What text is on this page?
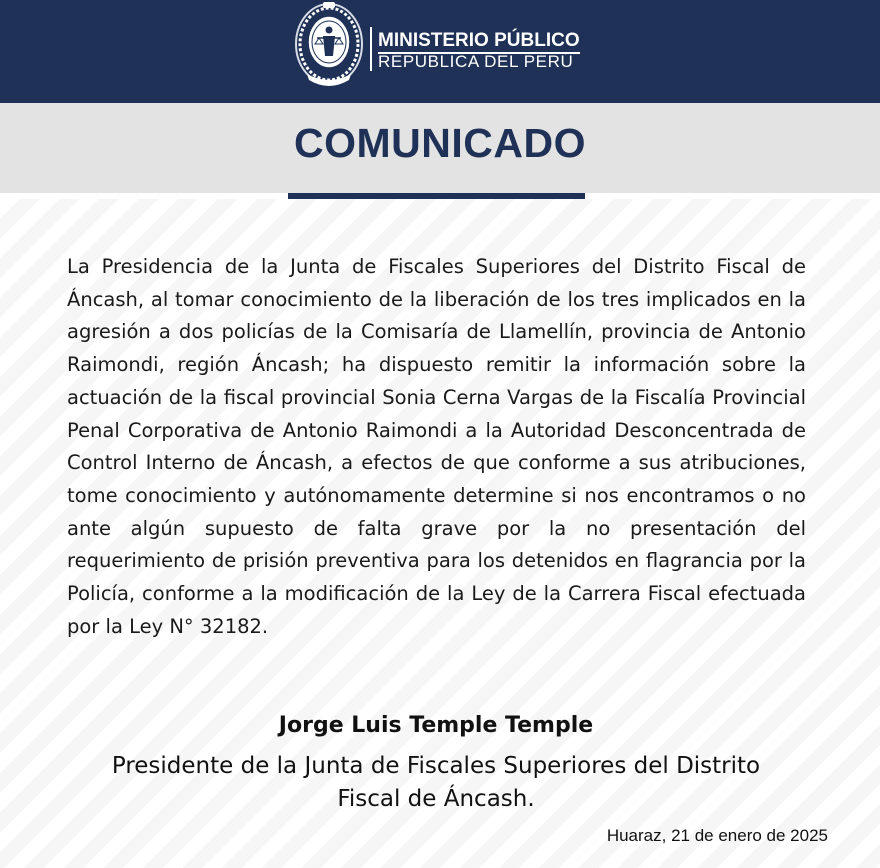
MINISTERIO PÚBLICO
REPÚBLICA DEL PERÚ
COMUNICADO
La Presidencia de la Junta de Fiscales Superiores del Distrito Fiscal de Áncash, al tomar conocimiento de la liberación de los tres implicados en la agresión a dos policías de la Comisaría de Llamellín, provincia de Antonio Raimondi, región Áncash; ha dispuesto remitir la información sobre la actuación de la fiscal provincial Sonia Cerna Vargas de la Fiscalía Provincial Penal Corporativa de Antonio Raimondi a la Autoridad Desconcentrada de Control Interno de Áncash, a efectos de que conforme a sus atribuciones, tome conocimiento y autónomamente determine si nos encontramos o no ante algún supuesto de falta grave por la no presentación del requerimiento de prisión preventiva para los detenidos en flagrancia por la Policía, conforme a la modificación de la Ley de la Carrera Fiscal efectuada por la Ley N° 32182.
Jorge Luis Temple Temple
Presidente de la Junta de Fiscales Superiores del Distrito Fiscal de Áncash.
Huaraz, 21 de enero de 2025
